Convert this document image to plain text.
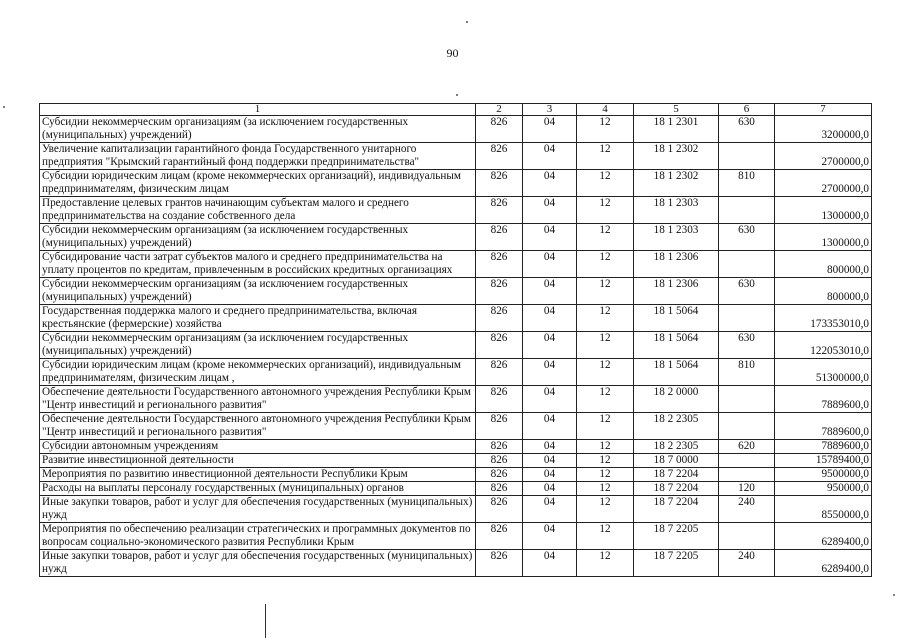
90
1	2	3	4	5	6	7
Субсидии некоммерческим организациям (за исключением государственных (муниципальных) учреждений)	826	04	12	18 1 2301	630	3200000,0
Увеличение капитализации гарантийного фонда Государственного унитарного предприятия "Крымский гарантийный фонд поддержки предпринимательства"	826	04	12	18 1 2302		2700000,0
Субсидии юридическим лицам (кроме некоммерческих организаций), индивидуальным предпринимателям, физическим лицам	826	04	12	18 1 2302	810	2700000,0
Предоставление целевых грантов начинающим субъектам малого и среднего предпринимательства на создание собственного дела	826	04	12	18 1 2303		1300000,0
Субсидии некоммерческим организациям (за исключением государственных (муниципальных) учреждений)	826	04	12	18 1 2303	630	1300000,0
Субсидирование части затрат субъектов малого и среднего предпринимательства на уплату процентов по кредитам, привлеченным в российских кредитных организациях	826	04	12	18 1 2306		800000,0
Субсидии некоммерческим организациям (за исключением государственных (муниципальных) учреждений)	826	04	12	18 1 2306	630	800000,0
Государственная поддержка малого и среднего предпринимательства, включая крестьянские (фермерские) хозяйства	826	04	12	18 1 5064		173353010,0
Субсидии некоммерческим организациям (за исключением государственных (муниципальных) учреждений)	826	04	12	18 1 5064	630	122053010,0
Субсидии юридическим лицам (кроме некоммерческих организаций), индивидуальным предпринимателям, физическим лицам ,	826	04	12	18 1 5064	810	51300000,0
Обеспечение деятельности Государственного автономного учреждения Республики Крым "Центр инвестиций и регионального развития"	826	04	12	18 2 0000		7889600,0
Обеспечение деятельности Государственного автономного учреждения Республики Крым "Центр инвестиций и регионального развития"	826	04	12	18 2 2305		7889600,0
Субсидии автономным учреждениям	826	04	12	18 2 2305	620	7889600,0
Развитие инвестиционной деятельности	826	04	12	18 7 0000		15789400,0
Мероприятия по развитию инвестиционной деятельности Республики Крым	826	04	12	18 7 2204		9500000,0
Расходы на выплаты персоналу государственных (муниципальных) органов	826	04	12	18 7 2204	120	950000,0
Иные закупки товаров, работ и услуг для обеспечения государственных (муниципальных) нужд	826	04	12	18 7 2204	240	8550000,0
Мероприятия по обеспечению реализации стратегических и программных документов по вопросам социально-экономического развития Республики Крым	826	04	12	18 7 2205		6289400,0
Иные закупки товаров, работ и услуг для обеспечения государственных (муниципальных) нужд	826	04	12	18 7 2205	240	6289400,0
